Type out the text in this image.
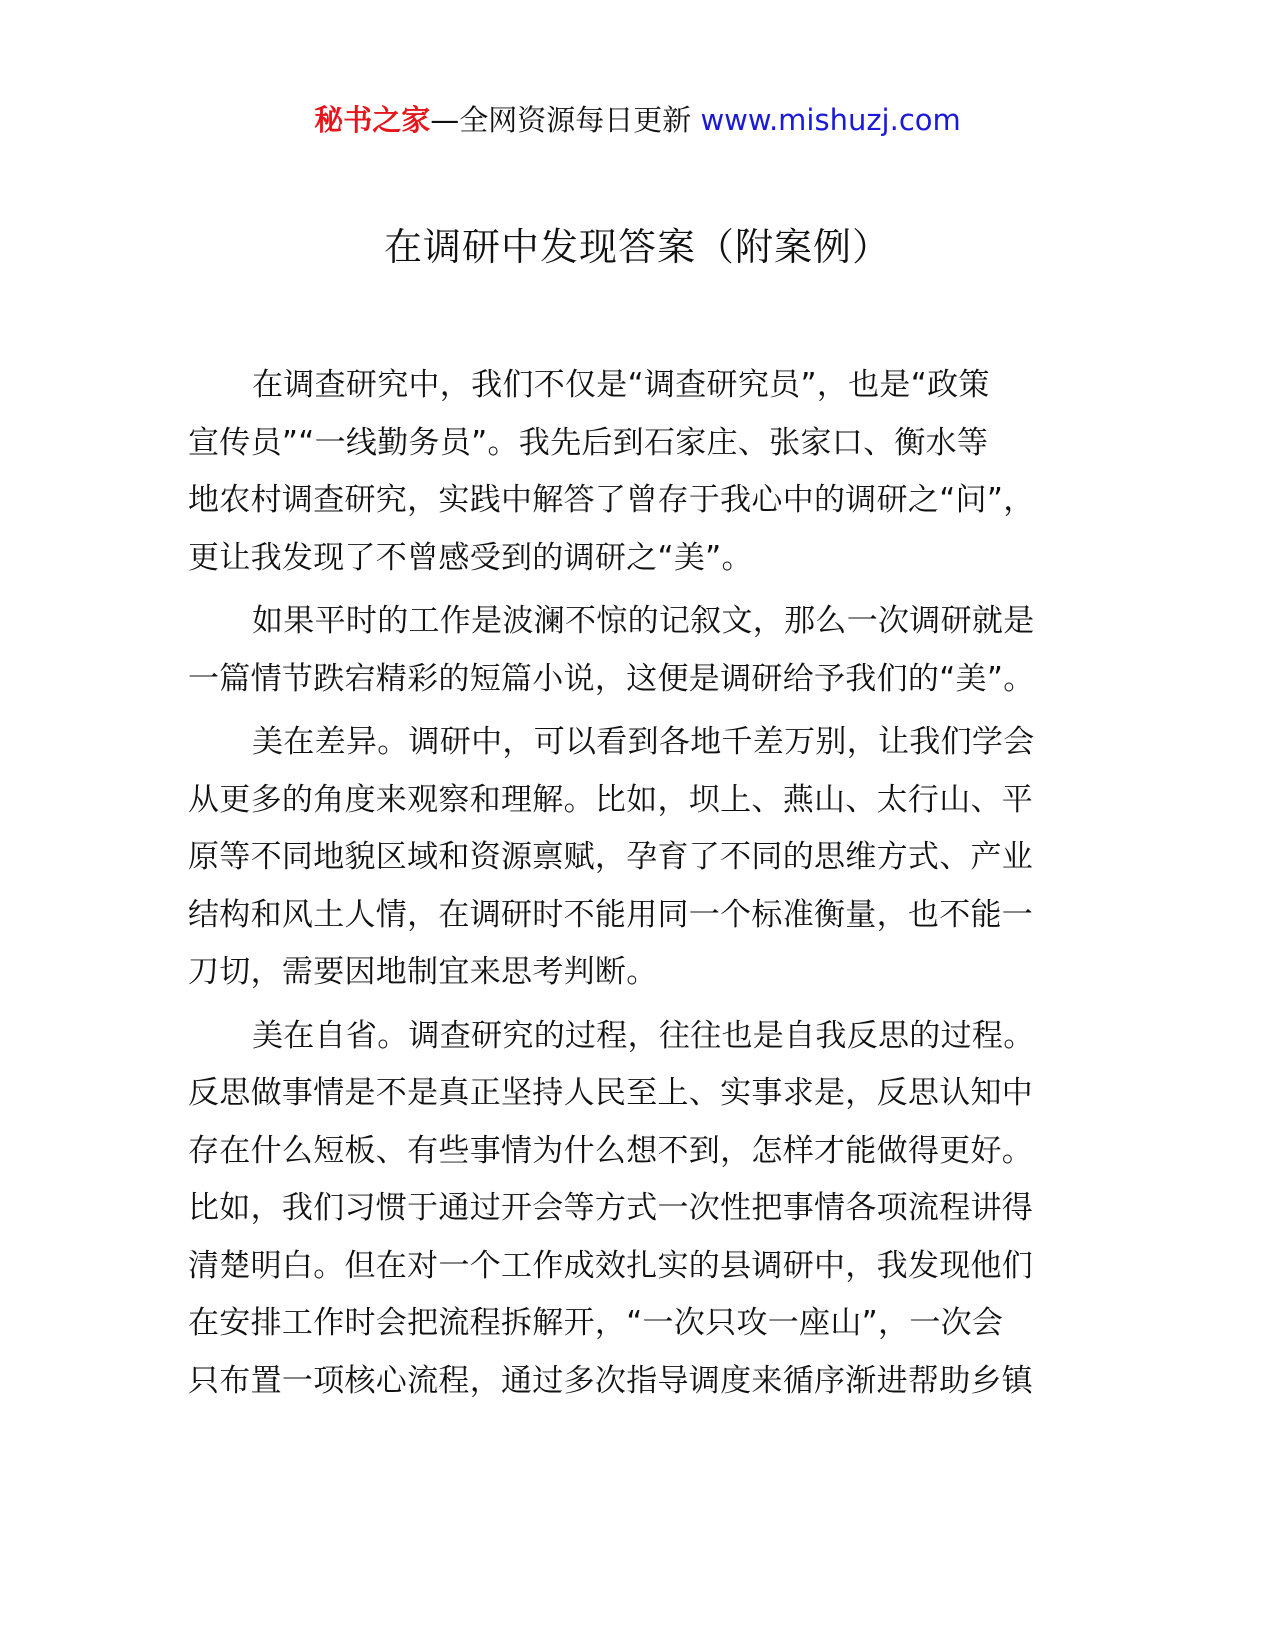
秘书之家—全网资源每日更新 www.mishuzj.com
在调研中发现答案（附案例）
在调查研究中，我们不仅是“调查研究员”，也是“政策
宣传员”“一线勤务员”。我先后到石家庄、张家口、衡水等
地农村调查研究，实践中解答了曾存于我心中的调研之“问”，
更让我发现了不曾感受到的调研之“美”。
如果平时的工作是波澜不惊的记叙文，那么一次调研就是
一篇情节跌宕精彩的短篇小说，这便是调研给予我们的“美”。
美在差异。调研中，可以看到各地千差万别，让我们学会
从更多的角度来观察和理解。比如，坝上、燕山、太行山、平
原等不同地貌区域和资源禀赋，孕育了不同的思维方式、产业
结构和风土人情，在调研时不能用同一个标准衡量，也不能一
刀切，需要因地制宜来思考判断。
美在自省。调查研究的过程，往往也是自我反思的过程。
反思做事情是不是真正坚持人民至上、实事求是，反思认知中
存在什么短板、有些事情为什么想不到，怎样才能做得更好。
比如，我们习惯于通过开会等方式一次性把事情各项流程讲得
清楚明白。但在对一个工作成效扎实的县调研中，我发现他们
在安排工作时会把流程拆解开，“一次只攻一座山”，一次会
只布置一项核心流程，通过多次指导调度来循序渐进帮助乡镇
